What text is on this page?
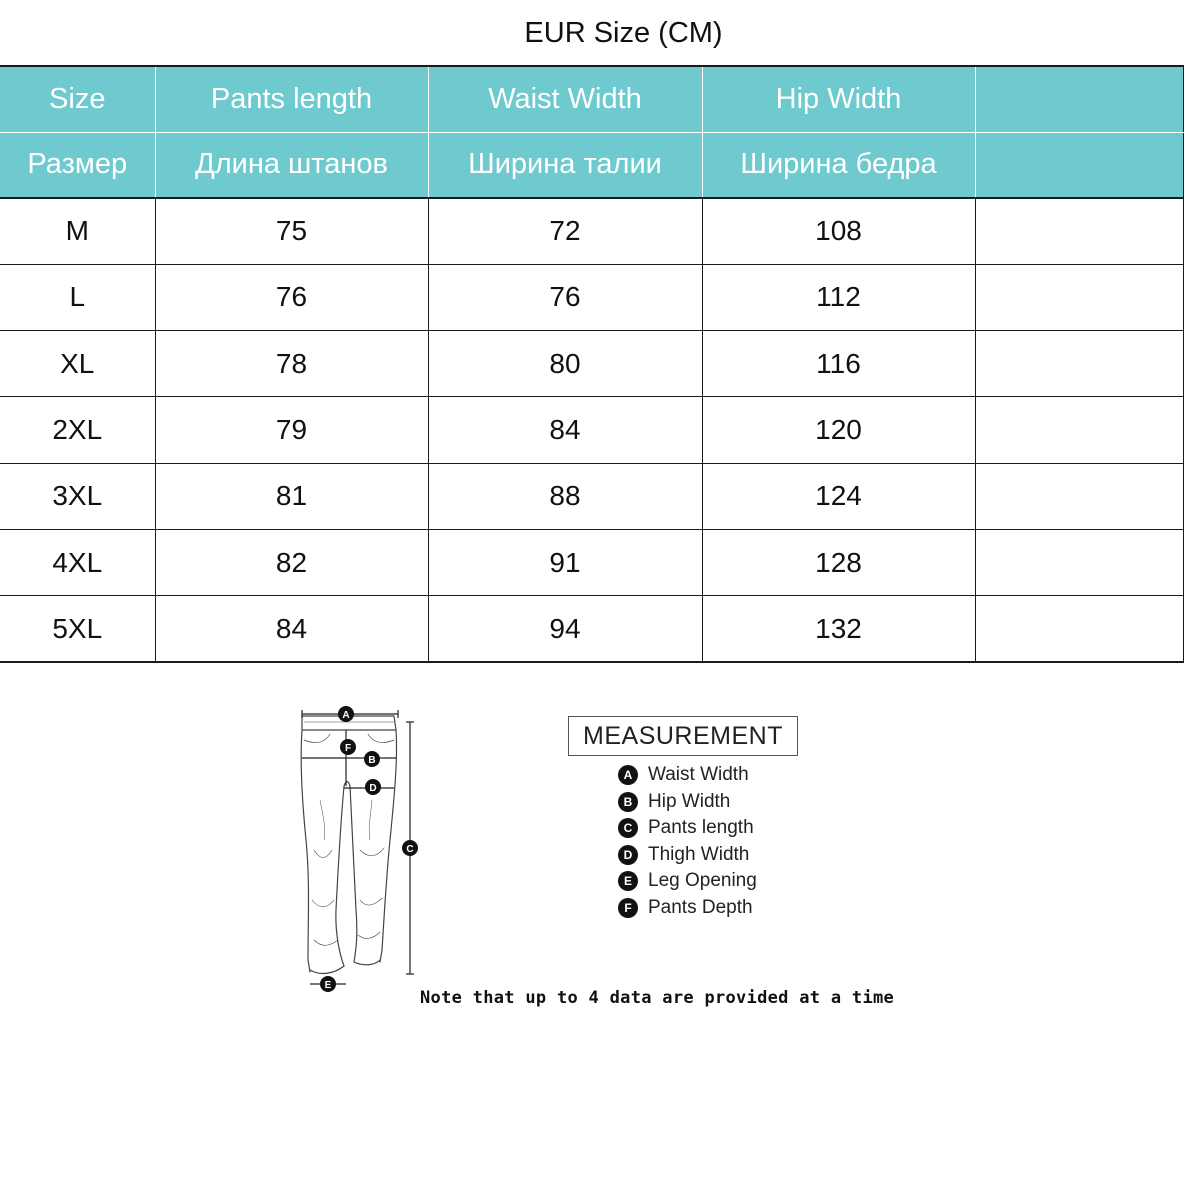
EUR Size (CM)
Size	Pants length	Waist Width	Hip Width	
Размер	Длина штанов	Ширина талии	Ширина бедра	
M	75	72	108	
L	76	76	112	
XL	78	80	116	
2XL	79	84	120	
3XL	81	88	124	
4XL	82	91	128	
5XL	84	94	132	
A
F
B
D
C
E
MEASUREMENT
A Waist Width
B Hip Width
C Pants length
D Thigh Width
E Leg Opening
F Pants Depth
Note that up to 4 data are provided at a time
